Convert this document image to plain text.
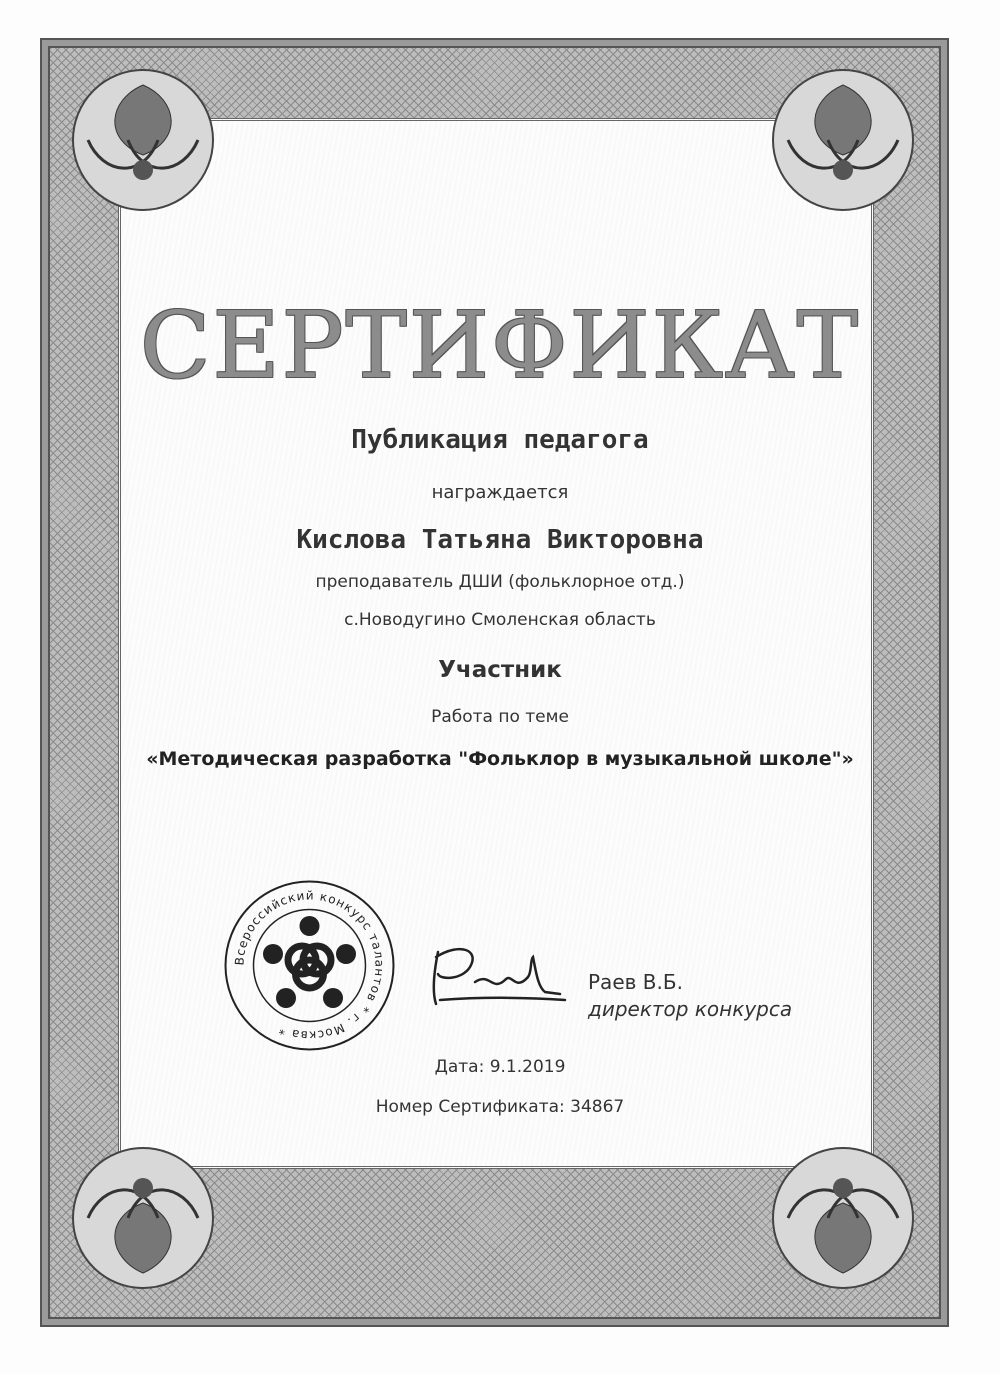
СЕРТИФИКАТ
Публикация педагога
награждается
Кислова Татьяна Викторовна
преподаватель ДШИ (фольклорное отд.)
с.Новодугино Смоленская область
Участник
Работа по теме
«Методическая разработка "Фольклор в музыкальной школе"»
Всероссийский конкурс талантов * г. Москва *
Раев В.Б.
директор конкурса
Дата: 9.1.2019
Номер Сертификата: 34867
